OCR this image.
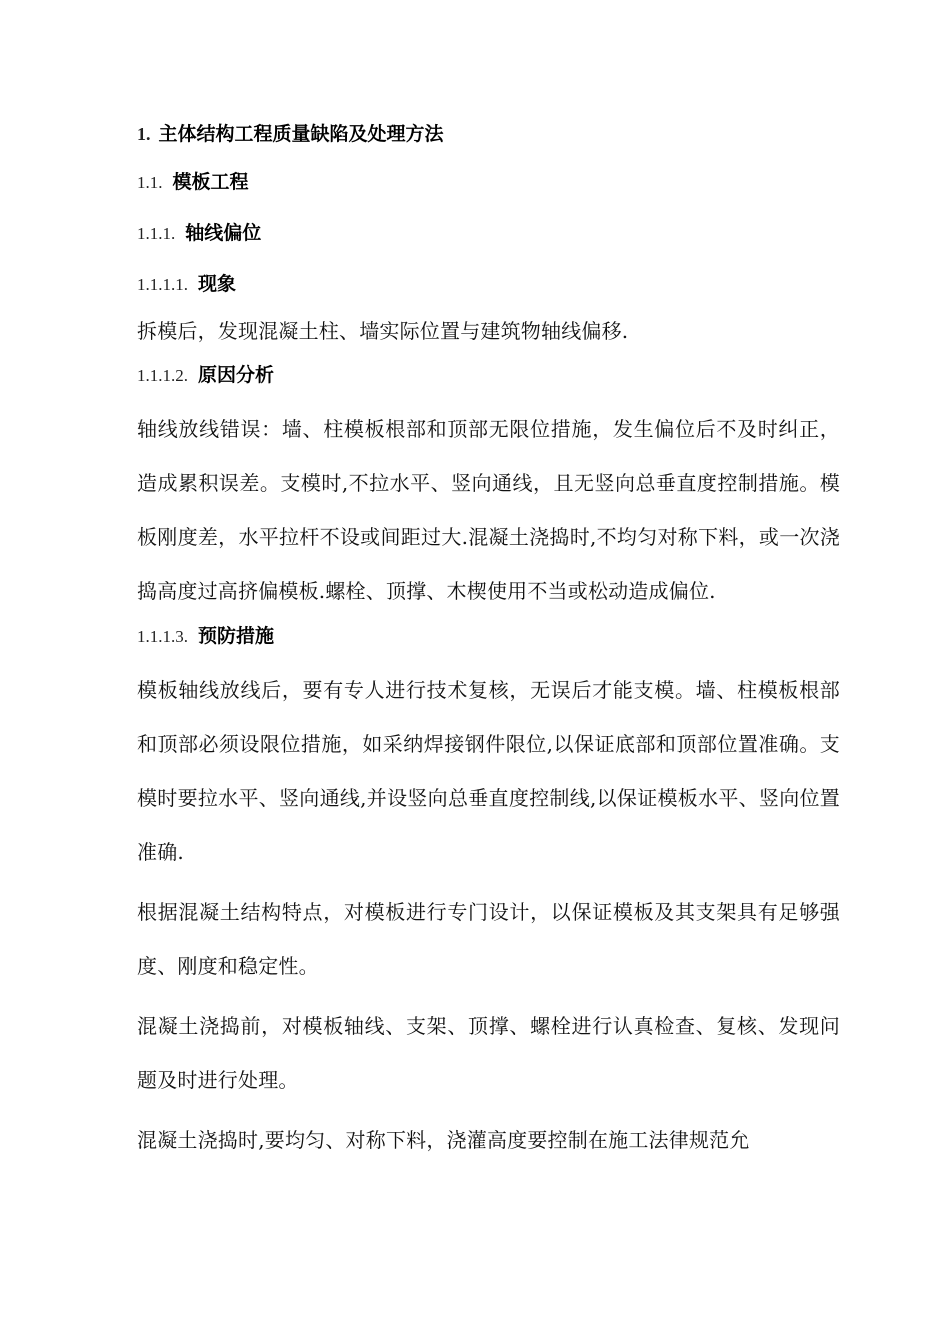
1. 主体结构工程质量缺陷及处理方法
1.1. 模板工程
1.1.1. 轴线偏位
1.1.1.1. 现象

拆模后，发现混凝土柱、墙实际位置与建筑物轴线偏移.

1.1.1.2. 原因分析

轴线放线错误：墙、柱模板根部和顶部无限位措施，发生偏位后不及时纠正，造成累积误差。支模时,不拉水平、竖向通线，且无竖向总垂直度控制措施。模板刚度差，水平拉杆不设或间距过大.混凝土浇捣时,不均匀对称下料，或一次浇捣高度过高挤偏模板.螺栓、顶撑、木楔使用不当或松动造成偏位.

1.1.1.3. 预防措施

模板轴线放线后，要有专人进行技术复核，无误后才能支模。墙、柱模板根部和顶部必须设限位措施，如采纳焊接钢件限位,以保证底部和顶部位置准确。支模时要拉水平、竖向通线,并设竖向总垂直度控制线,以保证模板水平、竖向位置准确.

根据混凝土结构特点，对模板进行专门设计，以保证模板及其支架具有足够强度、刚度和稳定性。

混凝土浇捣前，对模板轴线、支架、顶撑、螺栓进行认真检查、复核、发现问题及时进行处理。

混凝土浇捣时,要均匀、对称下料，浇灌高度要控制在施工法律规范允
